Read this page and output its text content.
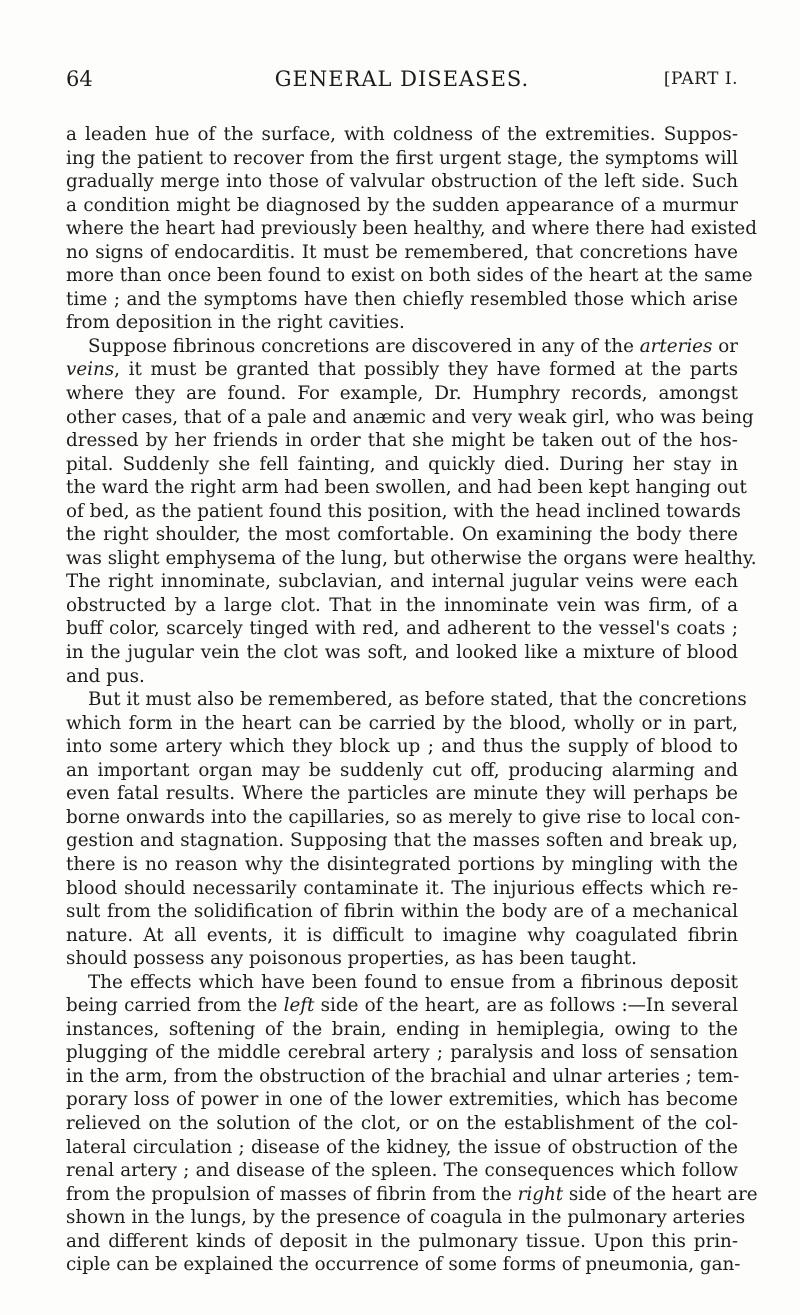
64	GENERAL DISEASES.	[PART I.
a leaden hue of the surface, with coldness of the extremities. Suppos-
ing the patient to recover from the first urgent stage, the symptoms will
gradually merge into those of valvular obstruction of the left side. Such
a condition might be diagnosed by the sudden appearance of a murmur
where the heart had previously been healthy, and where there had existed
no signs of endocarditis. It must be remembered, that concretions have
more than once been found to exist on both sides of the heart at the same
time ; and the symptoms have then chiefly resembled those which arise
from deposition in the right cavities.
Suppose fibrinous concretions are discovered in any of the arteries or
veins, it must be granted that possibly they have formed at the parts
where they are found. For example, Dr. Humphry records, amongst
other cases, that of a pale and anæmic and very weak girl, who was being
dressed by her friends in order that she might be taken out of the hos-
pital. Suddenly she fell fainting, and quickly died. During her stay in
the ward the right arm had been swollen, and had been kept hanging out
of bed, as the patient found this position, with the head inclined towards
the right shoulder, the most comfortable. On examining the body there
was slight emphysema of the lung, but otherwise the organs were healthy.
The right innominate, subclavian, and internal jugular veins were each
obstructed by a large clot. That in the innominate vein was firm, of a
buff color, scarcely tinged with red, and adherent to the vessel's coats ;
in the jugular vein the clot was soft, and looked like a mixture of blood
and pus.
But it must also be remembered, as before stated, that the concretions
which form in the heart can be carried by the blood, wholly or in part,
into some artery which they block up ; and thus the supply of blood to
an important organ may be suddenly cut off, producing alarming and
even fatal results. Where the particles are minute they will perhaps be
borne onwards into the capillaries, so as merely to give rise to local con-
gestion and stagnation. Supposing that the masses soften and break up,
there is no reason why the disintegrated portions by mingling with the
blood should necessarily contaminate it. The injurious effects which re-
sult from the solidification of fibrin within the body are of a mechanical
nature. At all events, it is difficult to imagine why coagulated fibrin
should possess any poisonous properties, as has been taught.
The effects which have been found to ensue from a fibrinous deposit
being carried from the left side of the heart, are as follows :—In several
instances, softening of the brain, ending in hemiplegia, owing to the
plugging of the middle cerebral artery ; paralysis and loss of sensation
in the arm, from the obstruction of the brachial and ulnar arteries ; tem-
porary loss of power in one of the lower extremities, which has become
relieved on the solution of the clot, or on the establishment of the col-
lateral circulation ; disease of the kidney, the issue of obstruction of the
renal artery ; and disease of the spleen. The consequences which follow
from the propulsion of masses of fibrin from the right side of the heart are
shown in the lungs, by the presence of coagula in the pulmonary arteries
and different kinds of deposit in the pulmonary tissue. Upon this prin-
ciple can be explained the occurrence of some forms of pneumonia, gan-
